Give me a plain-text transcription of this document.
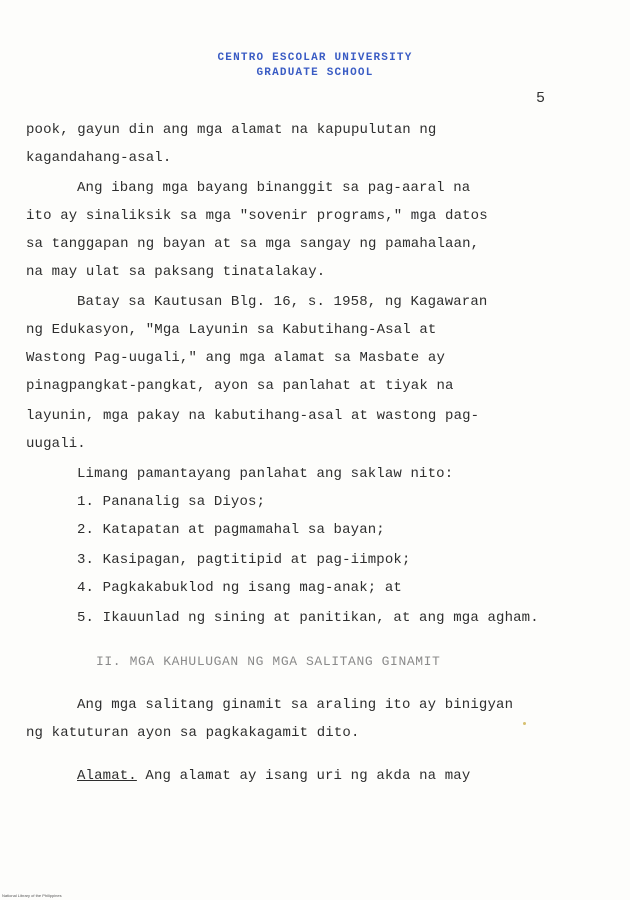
CENTRO ESCOLAR UNIVERSITY
GRADUATE SCHOOL
5
pook, gayun din ang mga alamat na kapupulutan ng
kagandahang-asal.
Ang ibang mga bayang binanggit sa pag-aaral na
ito ay sinaliksik sa mga "sovenir programs," mga datos
sa tanggapan ng bayan at sa mga sangay ng pamahalaan,
na may ulat sa paksang tinatalakay.
Batay sa Kautusan Blg. 16, s. 1958, ng Kagawaran
ng Edukasyon, "Mga Layunin sa Kabutihang-Asal at
Wastong Pag-uugali," ang mga alamat sa Masbate ay
pinagpangkat-pangkat, ayon sa panlahat at tiyak na
layunin, mga pakay na kabutihang-asal at wastong pag-
uugali.
Limang pamantayang panlahat ang saklaw nito:
1. Pananalig sa Diyos;
2. Katapatan at pagmamahal sa bayan;
3. Kasipagan, pagtitipid at pag-iimpok;
4. Pagkakabuklod ng isang mag-anak; at
5. Ikauunlad ng sining at panitikan, at ang mga agham.
II. MGA KAHULUGAN NG MGA SALITANG GINAMIT
Ang mga salitang ginamit sa araling ito ay binigyan
ng katuturan ayon sa pagkakagamit dito.
Alamat. Ang alamat ay isang uri ng akda na may
National Library of the Philippines
